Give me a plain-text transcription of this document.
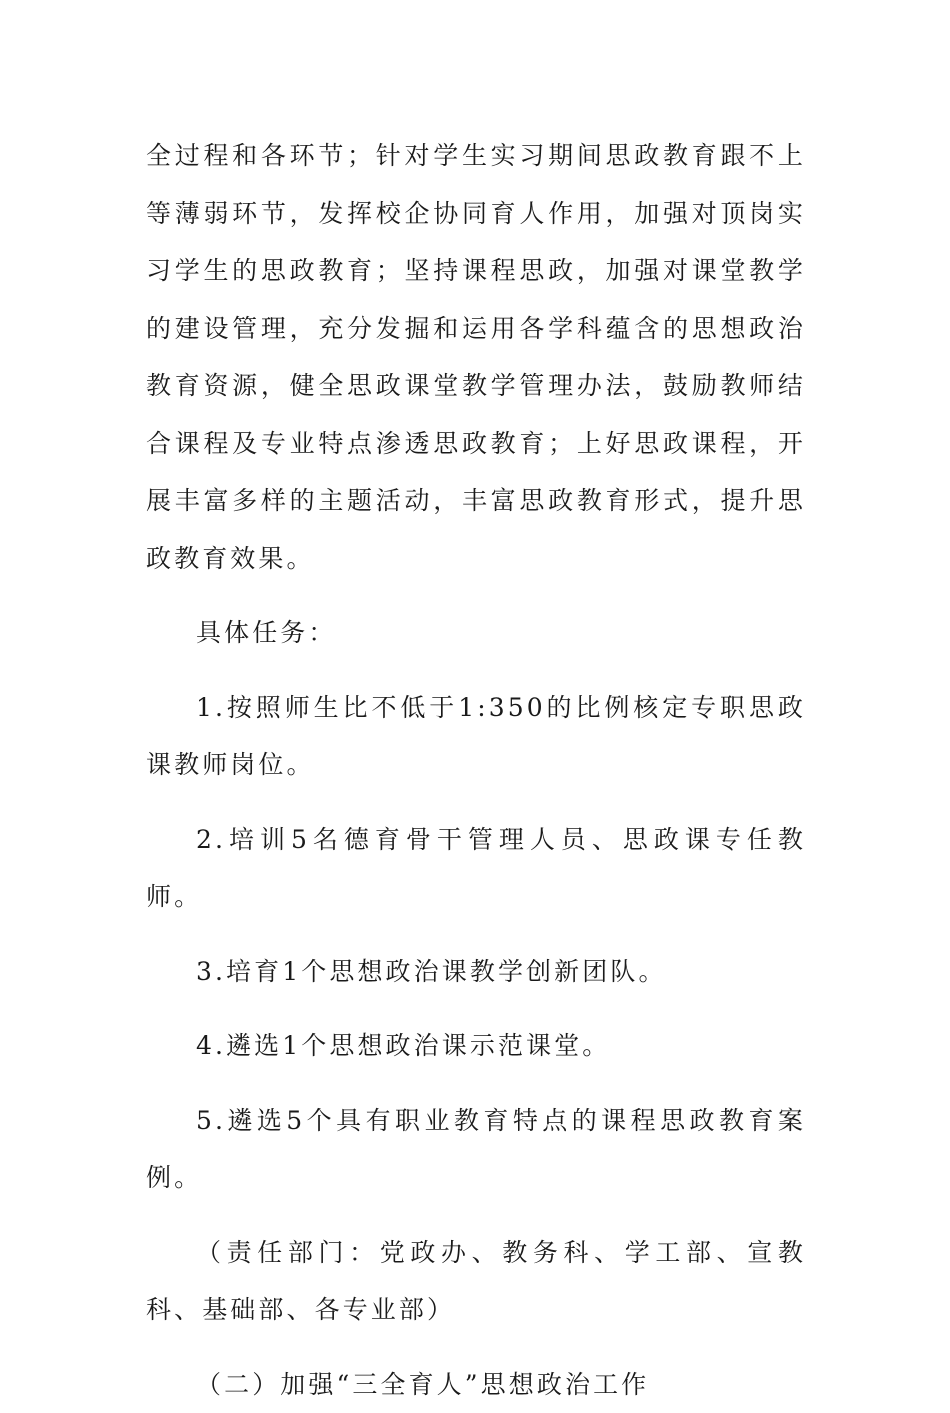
全过程和各环节；针对学生实习期间思政教育跟不上等薄弱环节，发挥校企协同育人作用，加强对顶岗实习学生的思政教育；坚持课程思政，加强对课堂教学的建设管理，充分发掘和运用各学科蕴含的思想政治教育资源，健全思政课堂教学管理办法，鼓励教师结合课程及专业特点渗透思政教育；上好思政课程，开展丰富多样的主题活动，丰富思政教育形式，提升思政教育效果。

具体任务：

1.按照师生比不低于1:350的比例核定专职思政课教师岗位。

2.培训5名德育骨干管理人员、思政课专任教师。

3.培育1个思想政治课教学创新团队。

4.遴选1个思想政治课示范课堂。

5.遴选5个具有职业教育特点的课程思政教育案例。

（责任部门：党政办、教务科、学工部、宣教科、基础部、各专业部）

（二）加强“三全育人”思想政治工作
